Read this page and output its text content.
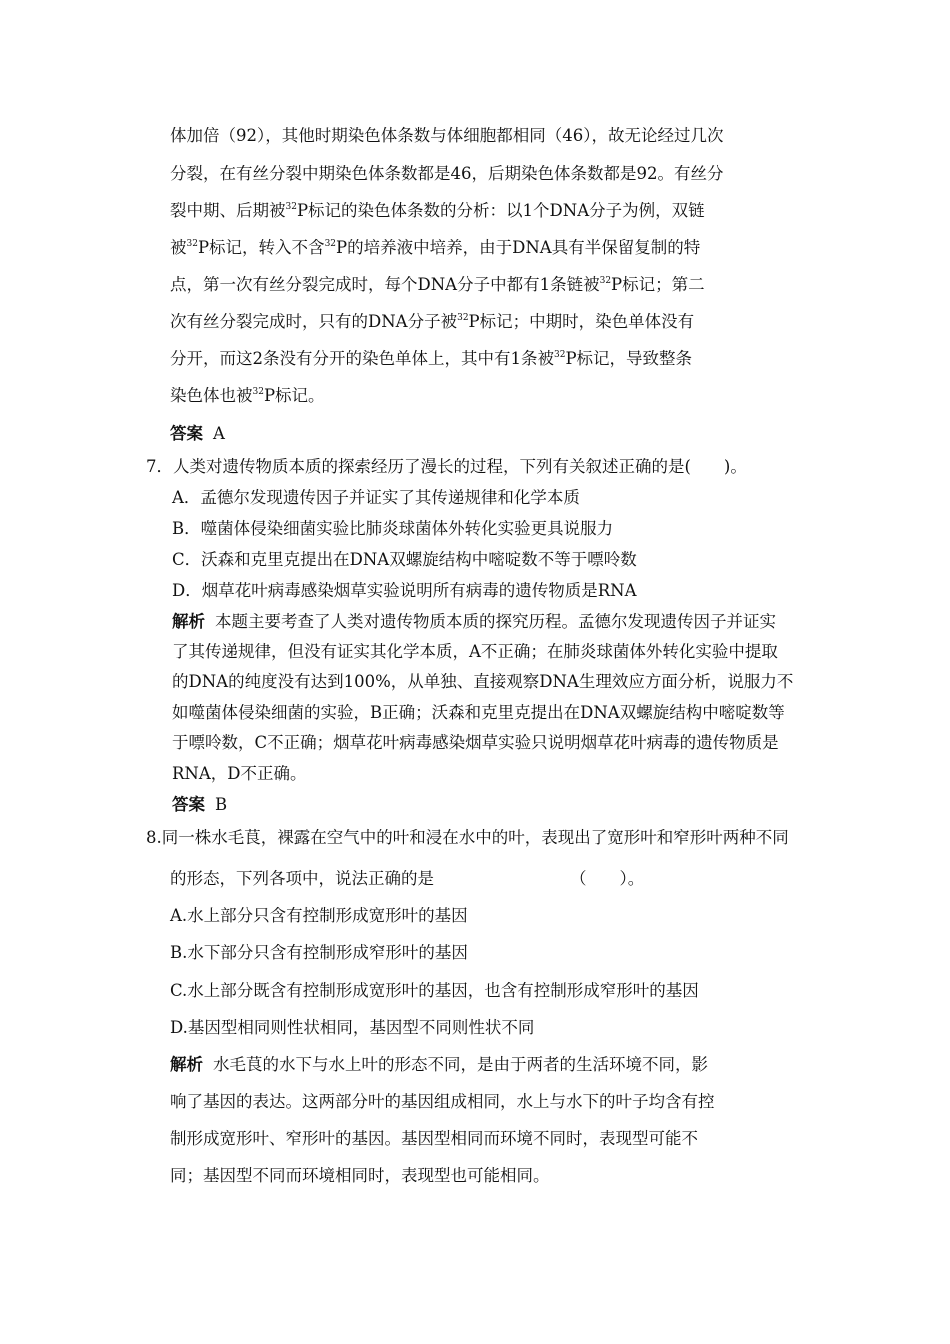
体加倍（92），其他时期染色体条数与体细胞都相同（46），故无论经过几次
分裂，在有丝分裂中期染色体条数都是46，后期染色体条数都是92。有丝分
裂中期、后期被$^{32}$P标记的染色体条数的分析：以1个DNA分子为例，双链
被$^{32}$P标记，转入不含$^{32}$P的培养液中培养，由于DNA具有半保留复制的特
点，第一次有丝分裂完成时，每个DNA分子中都有1条链被$^{32}$P标记；第二
次有丝分裂完成时，只有的DNA分子被$^{32}$P标记；中期时，染色单体没有
分开，而这2条没有分开的染色单体上，其中有1条被$^{32}$P标记，导致整条
染色体也被$^{32}$P标记。
答案 A
7．人类对遗传物质本质的探索经历了漫长的过程，下列有关叙述正确的是(　　)。
A．孟德尔发现遗传因子并证实了其传递规律和化学本质
B．噬菌体侵染细菌实验比肺炎球菌体外转化实验更具说服力
C．沃森和克里克提出在DNA双螺旋结构中嘧啶数不等于嘌呤数
D．烟草花叶病毒感染烟草实验说明所有病毒的遗传物质是RNA
解析 本题主要考查了人类对遗传物质本质的探究历程。孟德尔发现遗传因子并证实
了其传递规律，但没有证实其化学本质，A不正确；在肺炎球菌体外转化实验中提取
的DNA的纯度没有达到100%，从单独、直接观察DNA生理效应方面分析，说服力不
如噬菌体侵染细菌的实验，B正确；沃森和克里克提出在DNA双螺旋结构中嘧啶数等
于嘌呤数，C不正确；烟草花叶病毒感染烟草实验只说明烟草花叶病毒的遗传物质是
RNA，D不正确。
答案 B
8.同一株水毛茛，裸露在空气中的叶和浸在水中的叶，表现出了宽形叶和窄形叶两种不同
的形态，下列各项中，说法正确的是	（　　）。
A.水上部分只含有控制形成宽形叶的基因
B.水下部分只含有控制形成窄形叶的基因
C.水上部分既含有控制形成宽形叶的基因，也含有控制形成窄形叶的基因
D.基因型相同则性状相同，基因型不同则性状不同
解析 水毛茛的水下与水上叶的形态不同，是由于两者的生活环境不同，影
响了基因的表达。这两部分叶的基因组成相同，水上与水下的叶子均含有控
制形成宽形叶、窄形叶的基因。基因型相同而环境不同时，表现型可能不
同；基因型不同而环境相同时，表现型也可能相同。
